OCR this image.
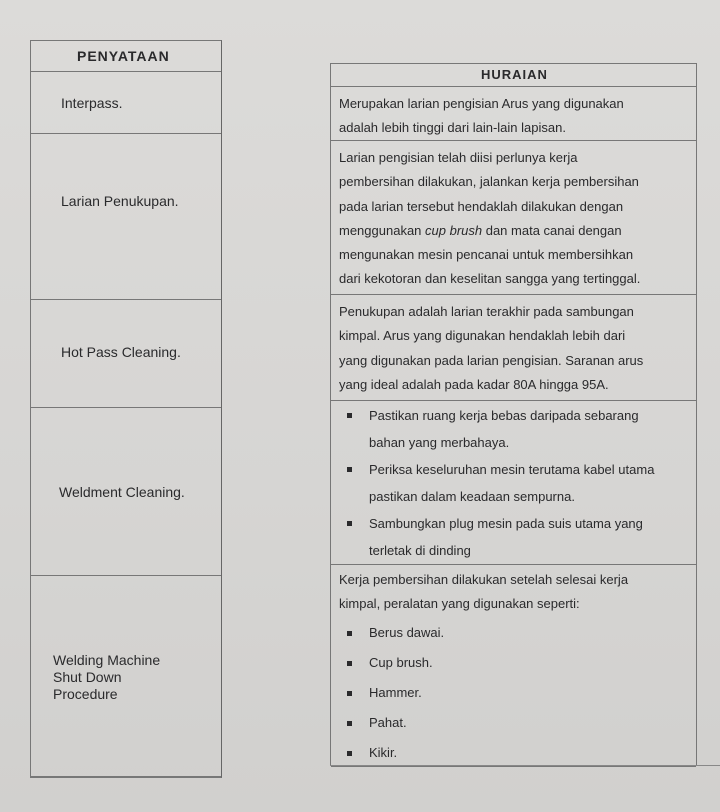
PENYATAAN
Interpass.
Larian Penukupan.
Hot Pass Cleaning.
Weldment Cleaning.
Welding Machine
Shut Down
Procedure
HURAIAN
Merupakan larian pengisian Arus yang digunakan
adalah lebih tinggi dari lain-lain lapisan.
Larian pengisian telah diisi perlunya kerja
pembersihan dilakukan, jalankan kerja pembersihan
pada larian tersebut hendaklah dilakukan dengan
menggunakan cup brush dan mata canai dengan
mengunakan mesin pencanai untuk membersihkan
dari kekotoran dan keselitan sangga yang tertinggal.
Penukupan adalah larian terakhir pada sambungan
kimpal. Arus yang digunakan hendaklah lebih dari
yang digunakan pada larian pengisian. Saranan arus
yang ideal adalah pada kadar 80A hingga 95A.
Pastikan ruang kerja bebas daripada sebarang
bahan yang merbahaya.
Periksa keseluruhan mesin terutama kabel utama
pastikan dalam keadaan sempurna.
Sambungkan plug mesin pada suis utama yang
terletak di dinding
Kerja pembersihan dilakukan setelah selesai kerja
kimpal, peralatan yang digunakan seperti:
Berus dawai.
Cup brush.
Hammer.
Pahat.
Kikir.
